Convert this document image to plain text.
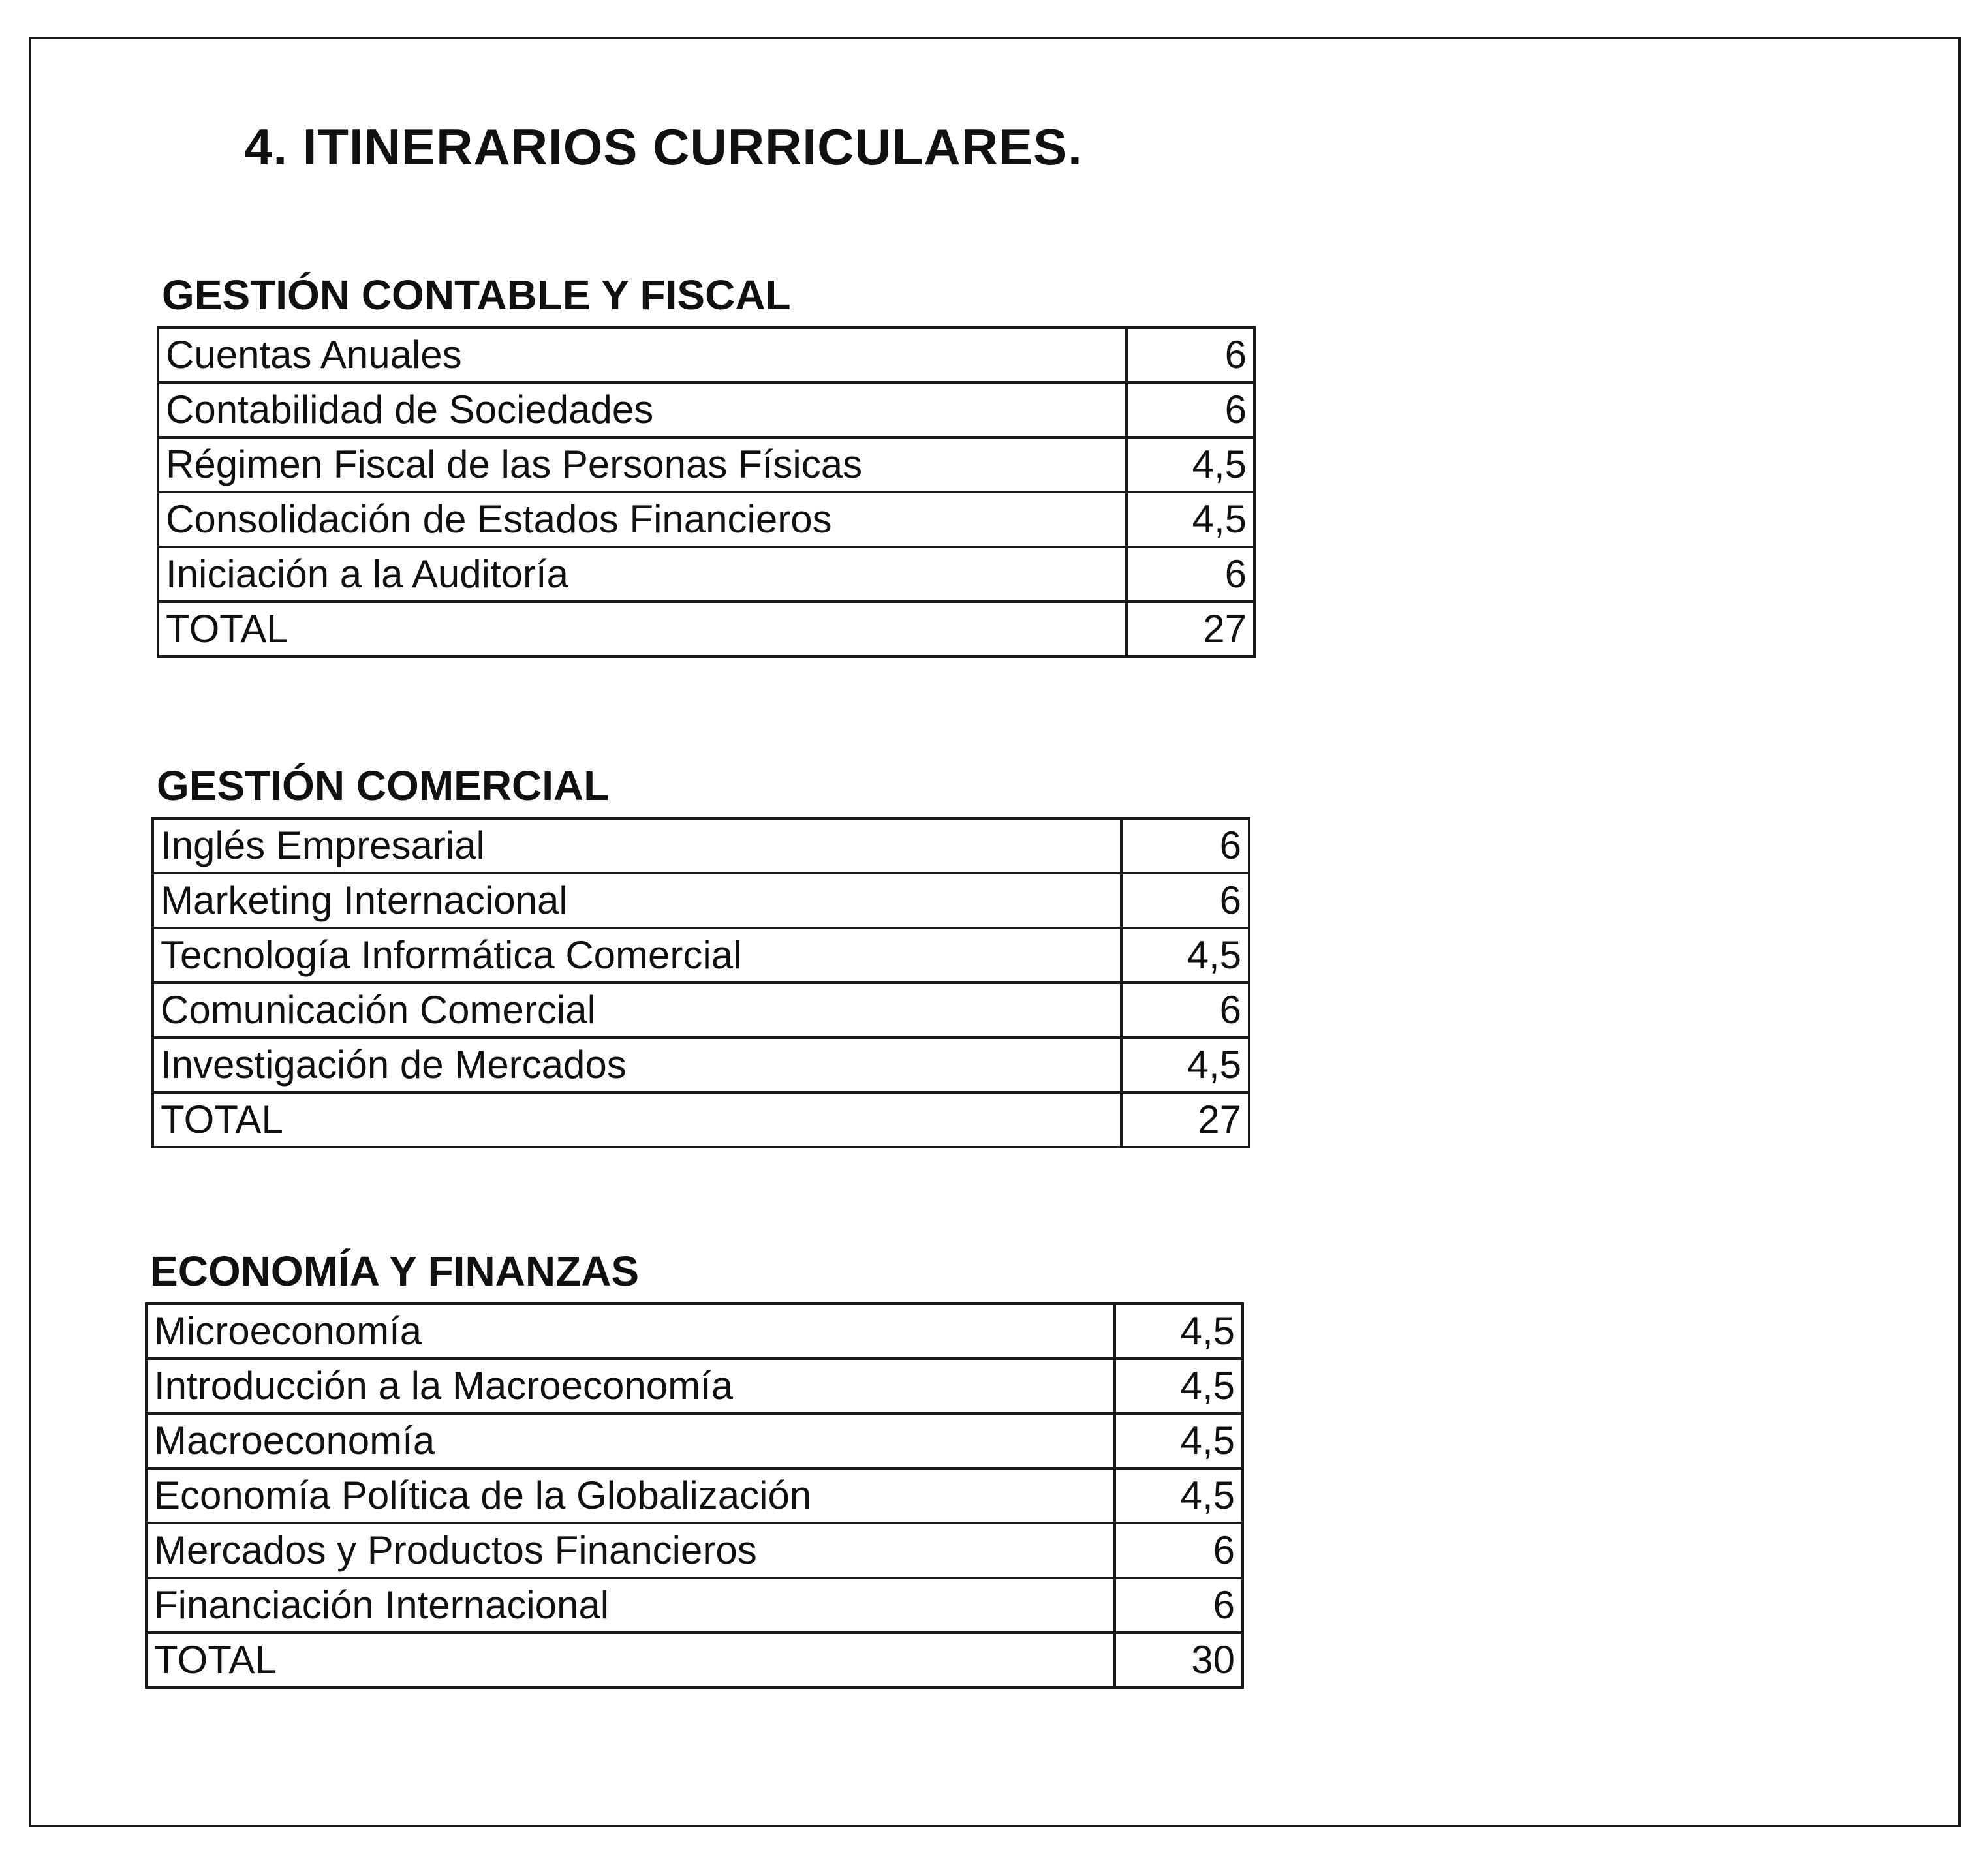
4. ITINERARIOS CURRICULARES.
GESTIÓN CONTABLE Y FISCAL
Cuentas Anuales	6
Contabilidad de Sociedades	6
Régimen Fiscal de las Personas Físicas	4,5
Consolidación de Estados Financieros	4,5
Iniciación a la Auditoría	6
TOTAL	27
GESTIÓN COMERCIAL
Inglés Empresarial	6
Marketing Internacional	6
Tecnología Informática Comercial	4,5
Comunicación Comercial	6
Investigación de Mercados	4,5
TOTAL	27
ECONOMÍA Y FINANZAS
Microeconomía	4,5
Introducción a la Macroeconomía	4,5
Macroeconomía	4,5
Economía Política de la Globalización	4,5
Mercados y Productos Financieros	6
Financiación Internacional	6
TOTAL	30
